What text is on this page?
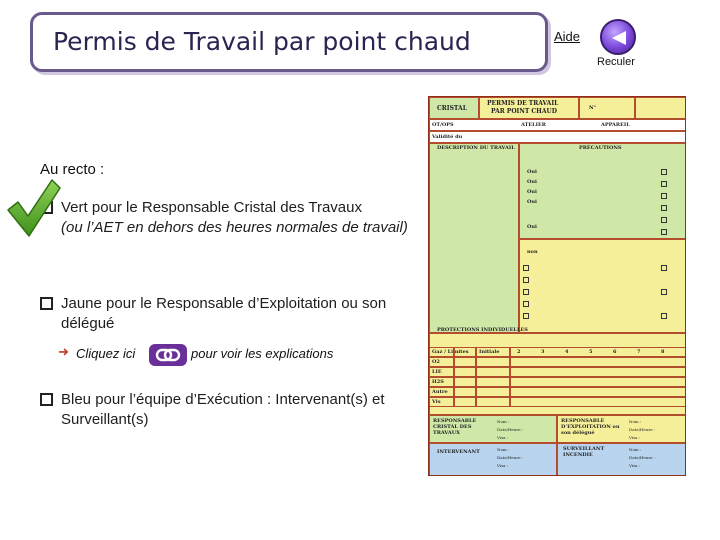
Permis de Travail par point chaud	Aide
Reculer
Au recto :
Vert pour le Responsable Cristal des Travaux
(ou l’AET en dehors des heures normales de travail)
Jaune pour le Responsable d’Exploitation ou son
délégué
➜ Cliquez ici	pour voir les explications
Bleu pour l’équipe d’Exécution : Intervenant(s) et
Surveillant(s)
CRISTAL
PERMIS DE TRAVAIL
PAR POINT CHAUD	N°
OT/OPS	ATELIER	APPAREIL
Validité du
DESCRIPTION DU TRAVAIL	PRÉCAUTIONS
Oui
Oui
Oui
Oui
Oui
non
PROTECTIONS INDIVIDUELLES
Gaz / Limites Initiale	2	3	4	5	6	7	8
O2
LIE
H2S
Autre
Vis
RESPONSABLE CRISTAL DES TRAVAUX
Nom :
Date/Heure :
Visa :
RESPONSABLE D’EXPLOITATION ou son délégué
Nom :
Date/Heure :
Visa :
INTERVENANT	Nom :
Date/Heure :
Visa :
SURVEILLANT INCENDIE
Nom :
Date/Heure :
Visa :
